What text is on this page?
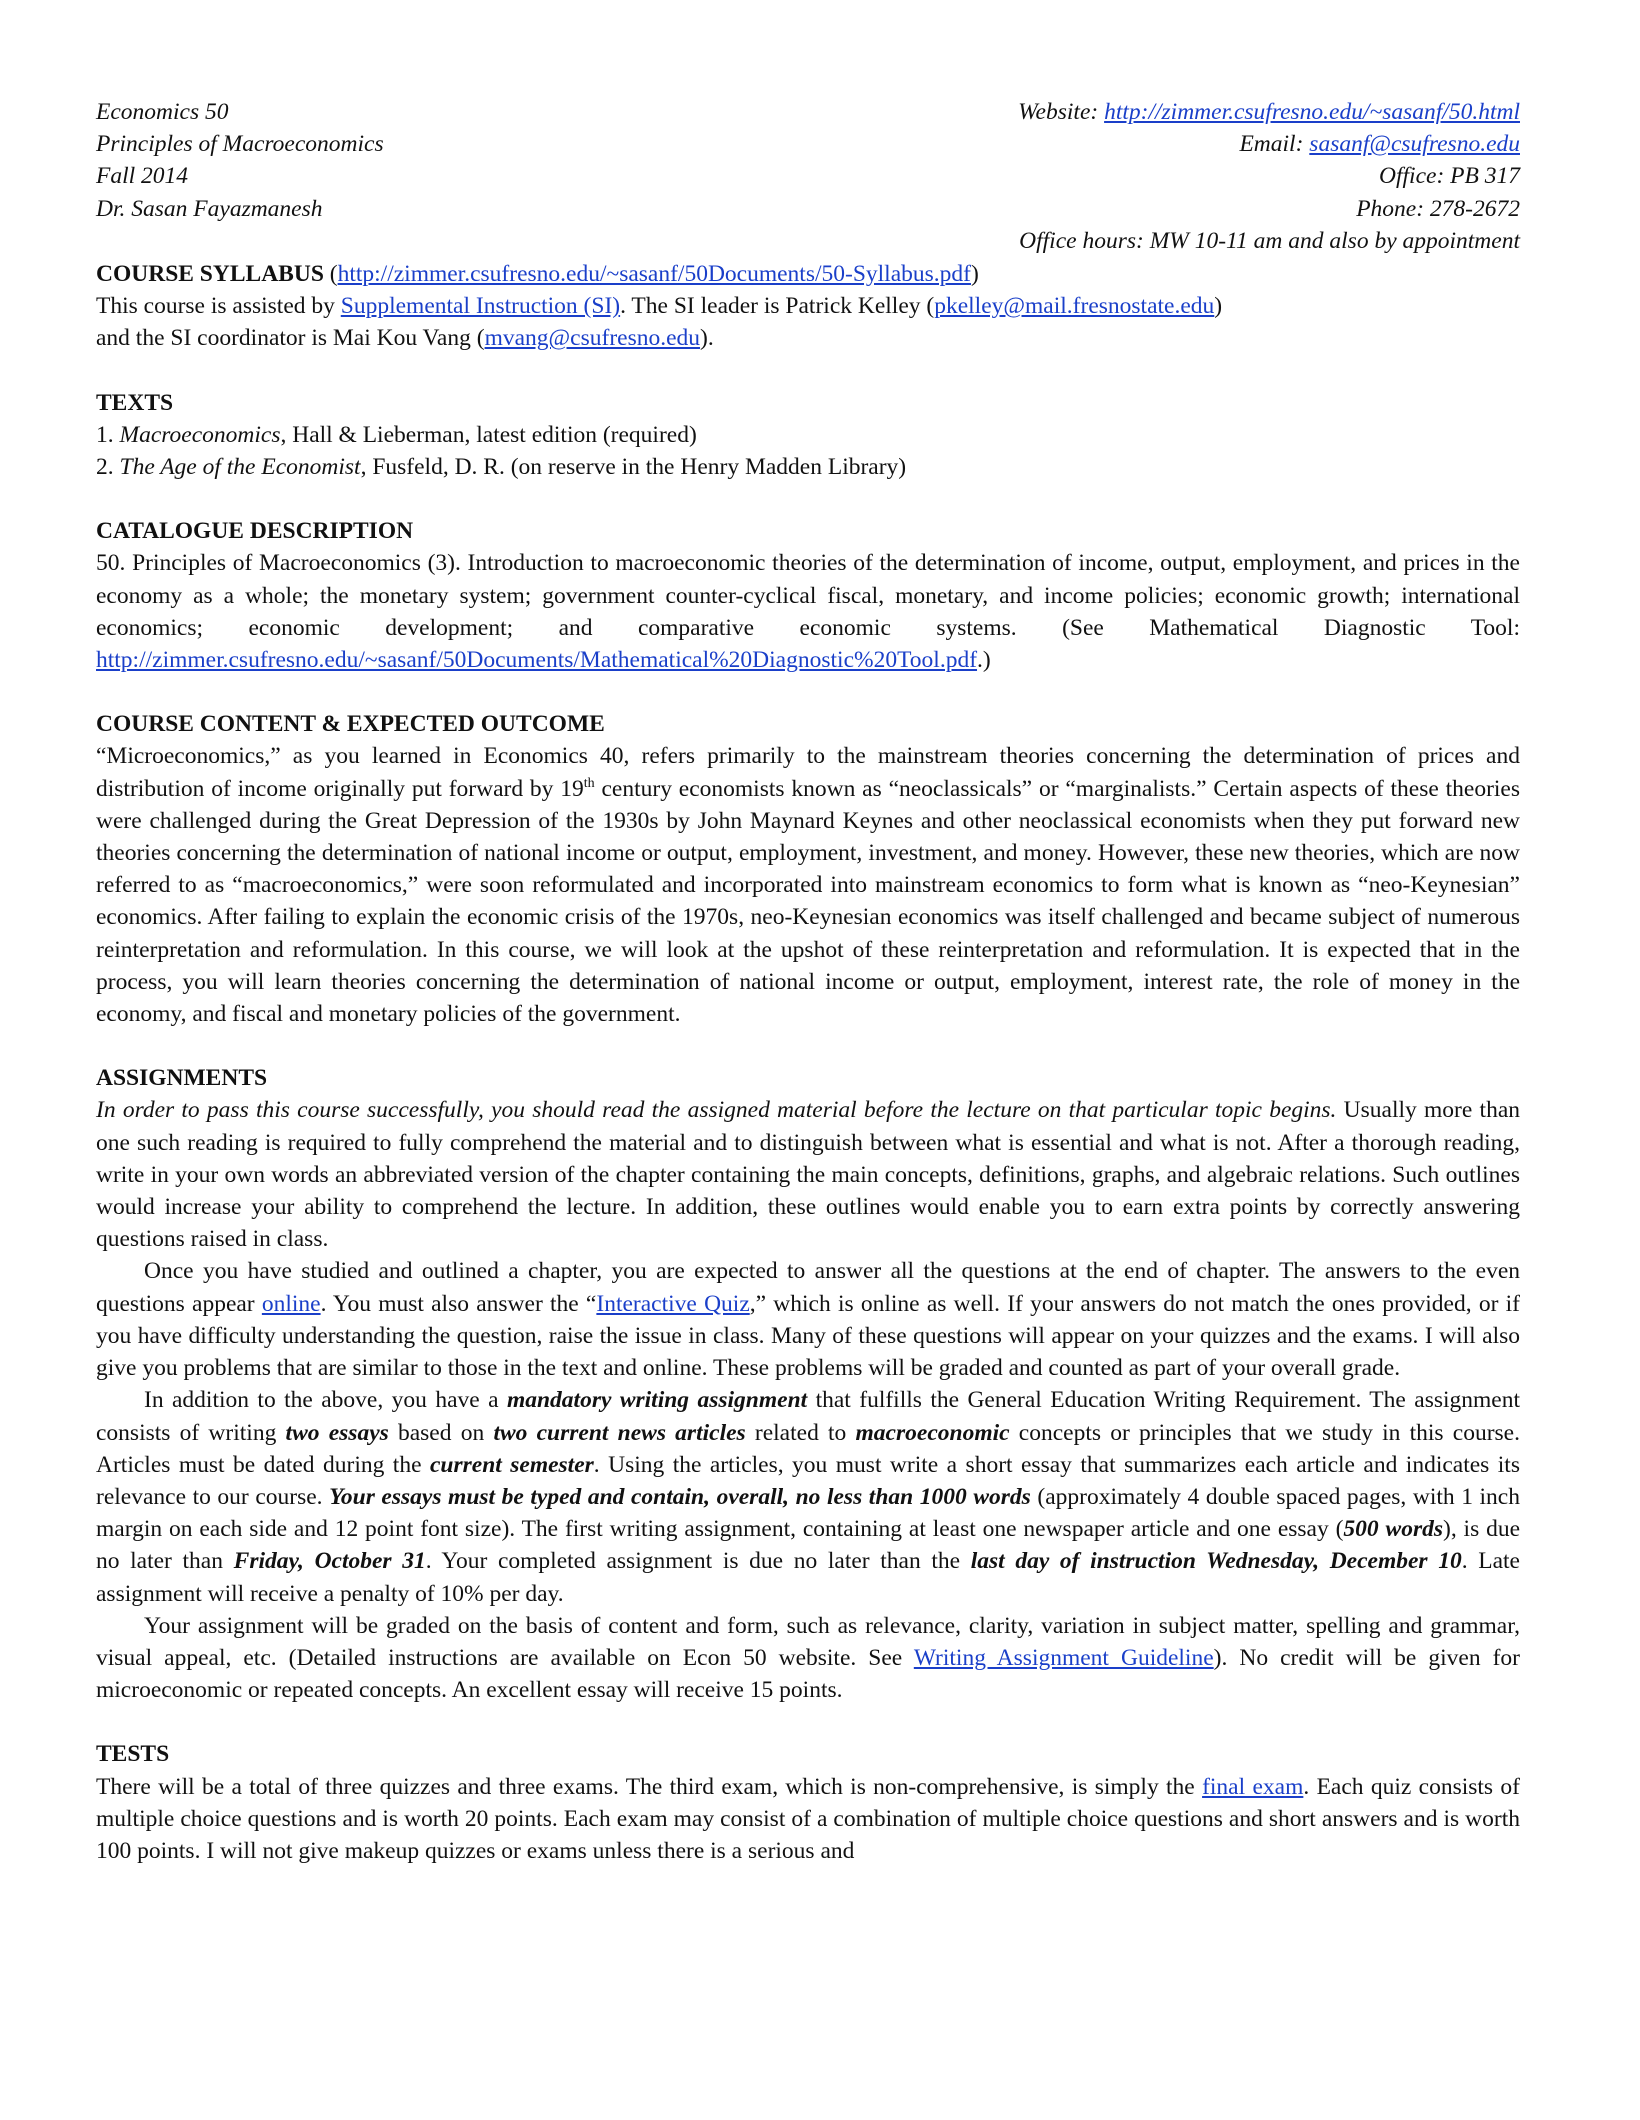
Economics 50
Principles of Macroeconomics
Fall 2014
Dr. Sasan Fayazmanesh
Website: http://zimmer.csufresno.edu/~sasanf/50.html
Email: sasanf@csufresno.edu
Office: PB 317
Phone: 278-2672
Office hours: MW 10-11 am and also by appointment

COURSE SYLLABUS (http://zimmer.csufresno.edu/~sasanf/50Documents/50-Syllabus.pdf)

This course is assisted by Supplemental Instruction (SI). The SI leader is Patrick Kelley (pkelley@mail.fresnostate.edu)

and the SI coordinator is Mai Kou Vang (mvang@csufresno.edu).

TEXTS

1. Macroeconomics, Hall & Lieberman, latest edition (required)

2. The Age of the Economist, Fusfeld, D. R. (on reserve in the Henry Madden Library)

CATALOGUE DESCRIPTION

50. Principles of Macroeconomics (3). Introduction to macroeconomic theories of the determination of income, output, employment, and prices in the economy as a whole; the monetary system; government counter-cyclical fiscal, monetary, and income policies; economic growth; international economics; economic development; and comparative economic systems. (See Mathematical Diagnostic Tool: http://zimmer.csufresno.edu/~sasanf/50Documents/Mathematical%20Diagnostic%20Tool.pdf.)

COURSE CONTENT & EXPECTED OUTCOME

“Microeconomics,” as you learned in Economics 40, refers primarily to the mainstream theories concerning the determination of prices and distribution of income originally put forward by 19th century economists known as “neoclassicals” or “marginalists.” Certain aspects of these theories were challenged during the Great Depression of the 1930s by John Maynard Keynes and other neoclassical economists when they put forward new theories concerning the determination of national income or output, employment, investment, and money. However, these new theories, which are now referred to as “macroeconomics,” were soon reformulated and incorporated into mainstream economics to form what is known as “neo-Keynesian” economics. After failing to explain the economic crisis of the 1970s, neo-Keynesian economics was itself challenged and became subject of numerous reinterpretation and reformulation. In this course, we will look at the upshot of these reinterpretation and reformulation. It is expected that in the process, you will learn theories concerning the determination of national income or output, employment, interest rate, the role of money in the economy, and fiscal and monetary policies of the government.

ASSIGNMENTS

In order to pass this course successfully, you should read the assigned material before the lecture on that particular topic begins. Usually more than one such reading is required to fully comprehend the material and to distinguish between what is essential and what is not. After a thorough reading, write in your own words an abbreviated version of the chapter containing the main concepts, definitions, graphs, and algebraic relations. Such outlines would increase your ability to comprehend the lecture. In addition, these outlines would enable you to earn extra points by correctly answering questions raised in class.

Once you have studied and outlined a chapter, you are expected to answer all the questions at the end of chapter. The answers to the even questions appear online. You must also answer the “Interactive Quiz,” which is online as well. If your answers do not match the ones provided, or if you have difficulty understanding the question, raise the issue in class. Many of these questions will appear on your quizzes and the exams. I will also give you problems that are similar to those in the text and online. These problems will be graded and counted as part of your overall grade.

In addition to the above, you have a mandatory writing assignment that fulfills the General Education Writing Requirement. The assignment consists of writing two essays based on two current news articles related to macroeconomic concepts or principles that we study in this course. Articles must be dated during the current semester. Using the articles, you must write a short essay that summarizes each article and indicates its relevance to our course. Your essays must be typed and contain, overall, no less than 1000 words (approximately 4 double spaced pages, with 1 inch margin on each side and 12 point font size). The first writing assignment, containing at least one newspaper article and one essay (500 words), is due no later than Friday, October 31. Your completed assignment is due no later than the last day of instruction Wednesday, December 10. Late assignment will receive a penalty of 10% per day.

Your assignment will be graded on the basis of content and form, such as relevance, clarity, variation in subject matter, spelling and grammar, visual appeal, etc. (Detailed instructions are available on Econ 50 website. See Writing Assignment Guideline). No credit will be given for microeconomic or repeated concepts. An excellent essay will receive 15 points.

TESTS

There will be a total of three quizzes and three exams. The third exam, which is non-comprehensive, is simply the final exam. Each quiz consists of multiple choice questions and is worth 20 points. Each exam may consist of a combination of multiple choice questions and short answers and is worth 100 points. I will not give makeup quizzes or exams unless there is a serious and
